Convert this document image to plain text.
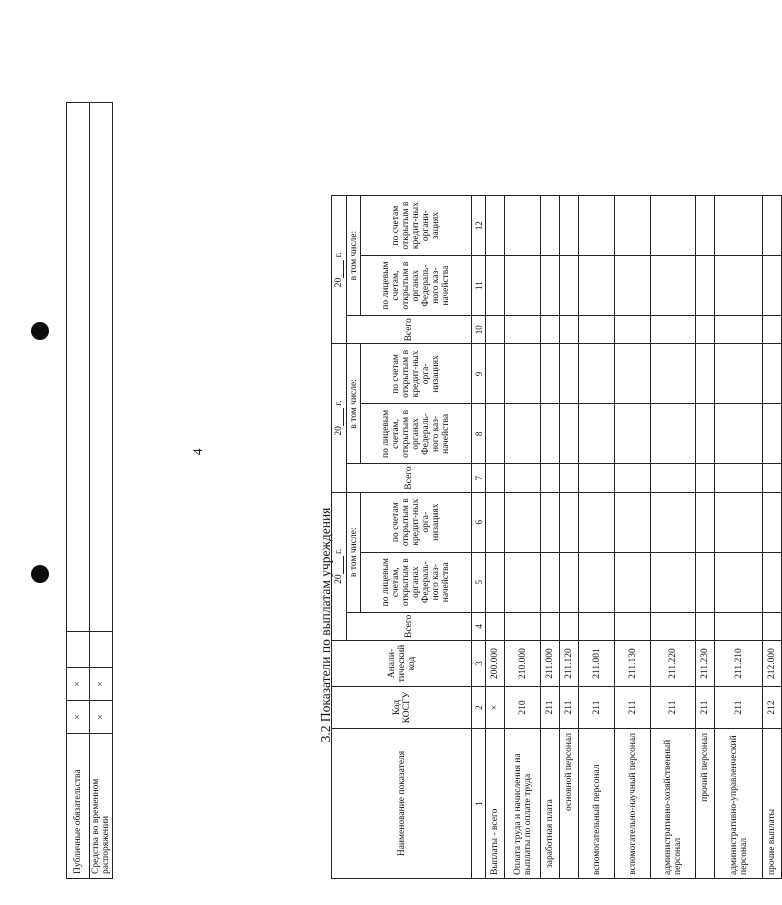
Публичные обязательства	×	×		
Средства во временном распоряжении	×	×		
4
3.2 Показатели по выплатам учреждения
Наименование показателя	Код КОСГУ	Анали-тический код	20 г.			20 г.			20 г.		
			Всего	в том числе:		Всего	в том числе:		Всего	в том числе:	
				по лицевым счетам, открытым в органах Федераль-ного каз-начейства	по счетам открытым в кредит-ных орга-низациях		по лицевым счетам, открытым в органах Федераль-ного каз-начейства	по счетам открытым в кредит-ных орга-низациях		по лицевым счетам, открытым в органах Федераль-ного каз-начейства	по счетам открытым в кредит-ных органи-зациях
1	2	3	4	5	6	7	8	9	10	11	12
Выплаты - всего	×	200.000									
Оплата труда и начисления на выплаты по оплате труда	210	210.000									
заработная плата	211	211.000									
основной персонал	211	211.120									
вспомогательный персонал	211	211.001									
вспомогательно-научный персонал	211	211.130									
административно-хозяйственный персонал	211	211.220									
прочий персонал	211	211.230									
административно-управленческий персонал	211	211.210									
прочие выплаты	212	212.000									
